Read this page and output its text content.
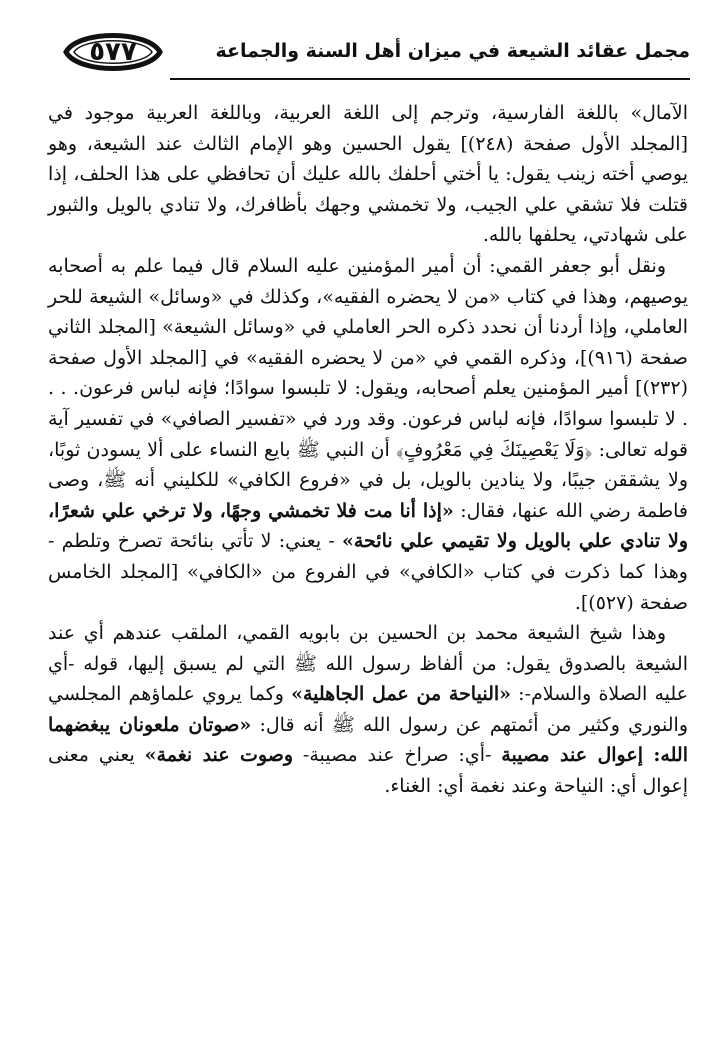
٥٧٧	مجمل عقائد الشيعة في ميزان أهل السنة والجماعة

الآمال» باللغة الفارسية، وترجم إلى اللغة العربية، وباللغة العربية موجود في [المجلد الأول صفحة (٢٤٨)] يقول الحسين وهو الإمام الثالث عند الشيعة، وهو يوصي أخته زينب يقول: يا أختي أحلفك بالله عليك أن تحافظي على هذا الحلف، إذا قتلت فلا تشقي علي الجيب، ولا تخمشي وجهك بأظافرك، ولا تنادي بالويل والثبور على شهادتي، يحلفها بالله.

ونقل أبو جعفر القمي: أن أمير المؤمنين عليه السلام قال فيما علم به أصحابه يوصيهم، وهذا في كتاب «من لا يحضره الفقيه»، وكذلك في «وسائل» الشيعة للحر العاملي، وإذا أردنا أن نحدد ذكره الحر العاملي في «وسائل الشيعة» [المجلد الثاني صفحة (٩١٦)]، وذكره القمي في «من لا يحضره الفقيه» في [المجلد الأول صفحة (٢٣٢)] أمير المؤمنين يعلم أصحابه، ويقول: لا تلبسوا سوادًا؛ فإنه لباس فرعون. . . . لا تلبسوا سوادًا، فإنه لباس فرعون. وقد ورد في «تفسير الصافي» في تفسير آية قوله تعالى: ﴿وَلَا يَعْصِينَكَ فِي مَعْرُوفٍ﴾ أن النبي ﷺ بايع النساء على ألا يسودن ثوبًا، ولا يشققن جيبًا، ولا ينادين بالويل، بل في «فروع الكافي» للكليني أنه ﷺ، وصى فاطمة رضي الله عنها، فقال: «إذا أنا مت فلا تخمشي وجهًا، ولا ترخي علي شعرًا، ولا تنادي علي بالويل ولا تقيمي علي نائحة» - يعني: لا تأتي بنائحة تصرخ وتلطم - وهذا كما ذكرت في كتاب «الكافي» في الفروع من «الكافي» [المجلد الخامس صفحة (٥٢٧)].

وهذا شيخ الشيعة محمد بن الحسين بن بابويه القمي، الملقب عندهم أي عند الشيعة بالصدوق يقول: من ألفاظ رسول الله ﷺ التي لم يسبق إليها، قوله -أي عليه الصلاة والسلام-: «النياحة من عمل الجاهلية» وكما يروي علماؤهم المجلسي والنوري وكثير من أئمتهم عن رسول الله ﷺ أنه قال: «صوتان ملعونان يبغضهما الله: إعوال عند مصيبة -أي: صراخ عند مصيبة- وصوت عند نغمة» يعني معنى إعوال أي: النياحة وعند نغمة أي: الغناء.
